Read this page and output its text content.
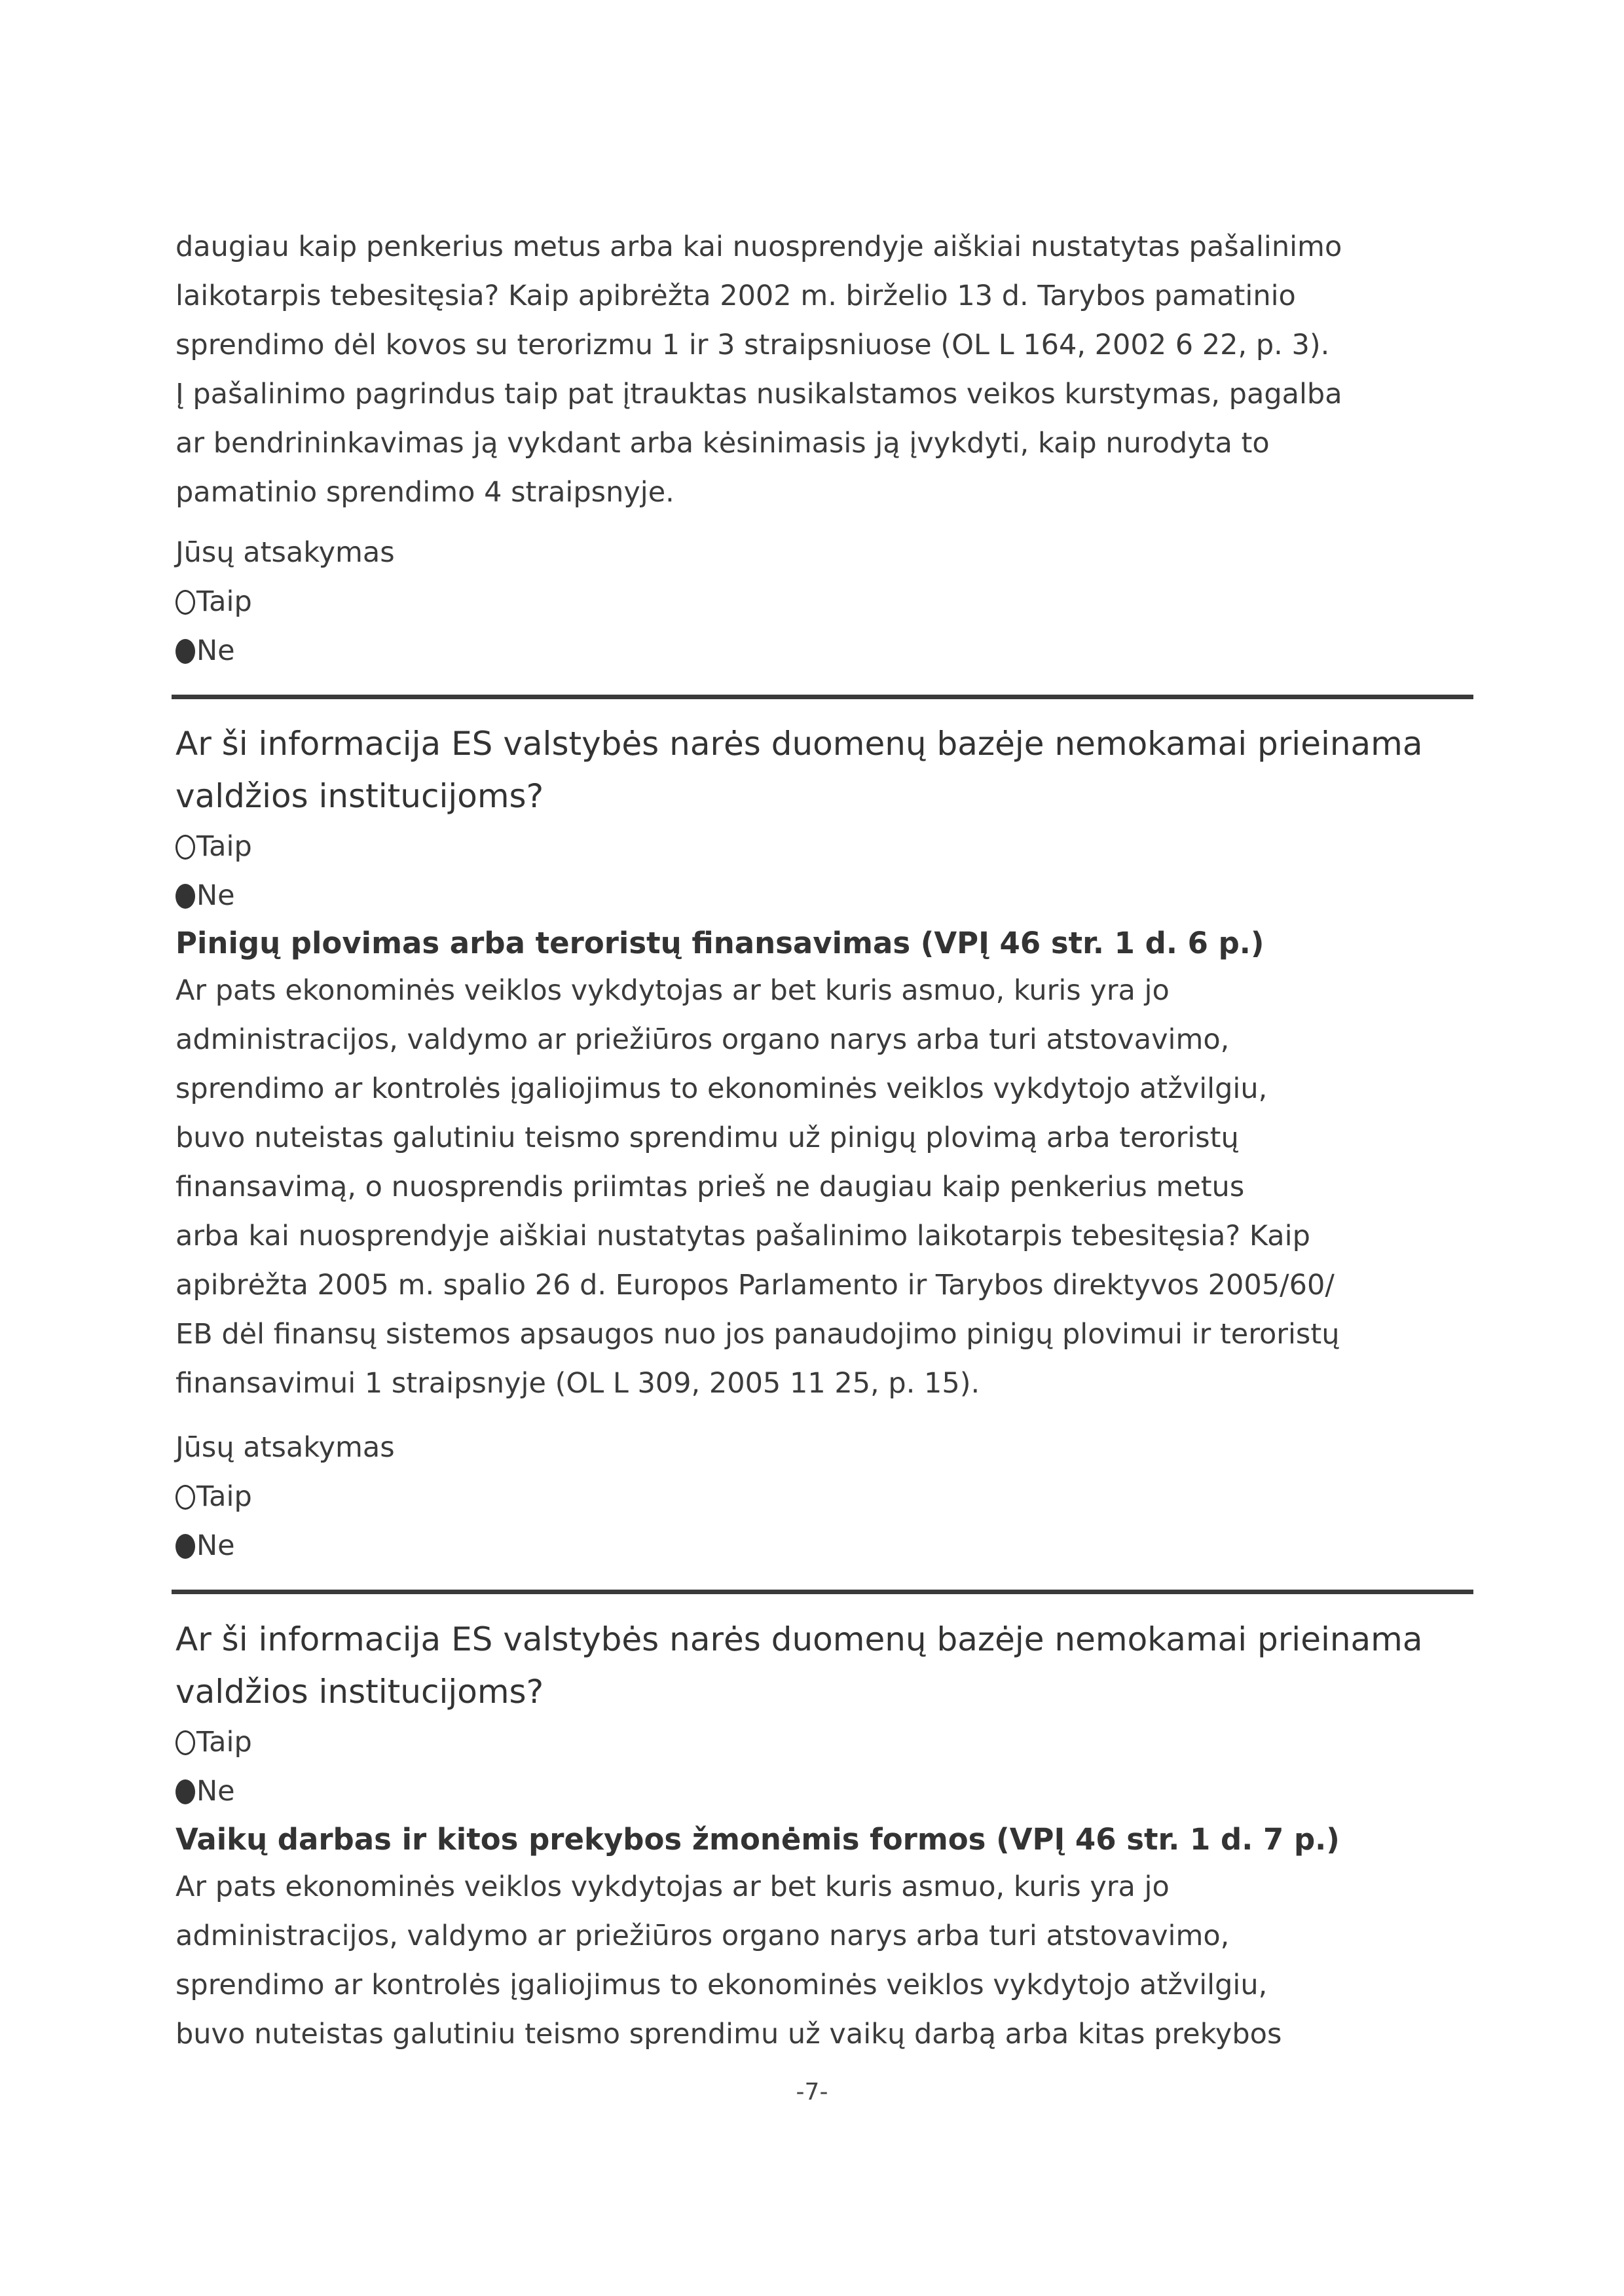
daugiau kaip penkerius metus arba kai nuosprendyje aiškiai nustatytas pašalinimo
laikotarpis tebesitęsia? Kaip apibrėžta 2002 m. birželio 13 d. Tarybos pamatinio
sprendimo dėl kovos su terorizmu 1 ir 3 straipsniuose (OL L 164, 2002 6 22, p. 3).
Į pašalinimo pagrindus taip pat įtrauktas nusikalstamos veikos kurstymas, pagalba
ar bendrininkavimas ją vykdant arba kėsinimasis ją įvykdyti, kaip nurodyta to
pamatinio sprendimo 4 straipsnyje.
Jūsų atsakymas
Taip
Ne
Ar ši informacija ES valstybės narės duomenų bazėje nemokamai prieinama
valdžios institucijoms?
Taip
Ne
Pinigų plovimas arba teroristų finansavimas (VPĮ 46 str. 1 d. 6 p.)
Ar pats ekonominės veiklos vykdytojas ar bet kuris asmuo, kuris yra jo
administracijos, valdymo ar priežiūros organo narys arba turi atstovavimo,
sprendimo ar kontrolės įgaliojimus to ekonominės veiklos vykdytojo atžvilgiu,
buvo nuteistas galutiniu teismo sprendimu už pinigų plovimą arba teroristų
finansavimą, o nuosprendis priimtas prieš ne daugiau kaip penkerius metus
arba kai nuosprendyje aiškiai nustatytas pašalinimo laikotarpis tebesitęsia? Kaip
apibrėžta 2005 m. spalio 26 d. Europos Parlamento ir Tarybos direktyvos 2005/60/
EB dėl finansų sistemos apsaugos nuo jos panaudojimo pinigų plovimui ir teroristų
finansavimui 1 straipsnyje (OL L 309, 2005 11 25, p. 15).
Jūsų atsakymas
Taip
Ne
Ar ši informacija ES valstybės narės duomenų bazėje nemokamai prieinama
valdžios institucijoms?
Taip
Ne
Vaikų darbas ir kitos prekybos žmonėmis formos (VPĮ 46 str. 1 d. 7 p.)
Ar pats ekonominės veiklos vykdytojas ar bet kuris asmuo, kuris yra jo
administracijos, valdymo ar priežiūros organo narys arba turi atstovavimo,
sprendimo ar kontrolės įgaliojimus to ekonominės veiklos vykdytojo atžvilgiu,
buvo nuteistas galutiniu teismo sprendimu už vaikų darbą arba kitas prekybos
-7-
